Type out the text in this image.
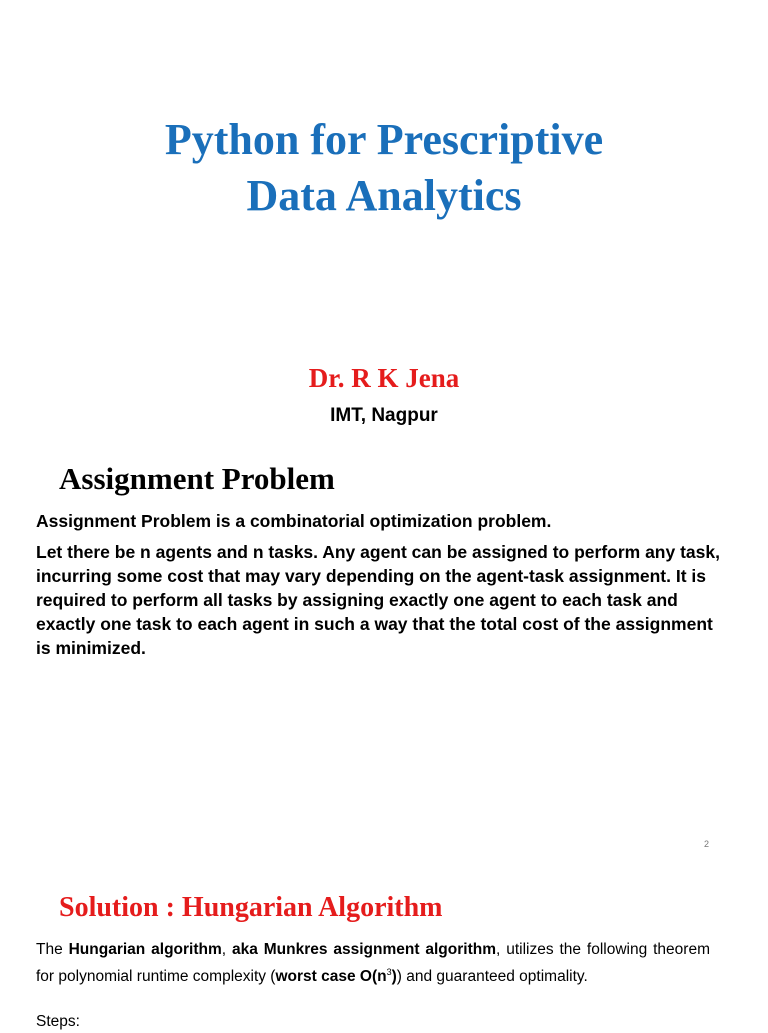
Python for Prescriptive
Data Analytics

Dr. R K Jena

IMT, Nagpur

Assignment Problem

Assignment Problem is a combinatorial optimization problem.

Let there be n agents and n tasks. Any agent can be assigned to perform any task, incurring some cost that may vary depending on the agent-task assignment. It is required to perform all tasks by assigning exactly one agent to each task and exactly one task to each agent in such a way that the total cost of the assignment is minimized.

2
Solution : Hungarian Algorithm

The Hungarian algorithm, aka Munkres assignment algorithm, utilizes the following theorem for polynomial runtime complexity (worst case $O(n^3)$) and guaranteed optimality.

Steps:
